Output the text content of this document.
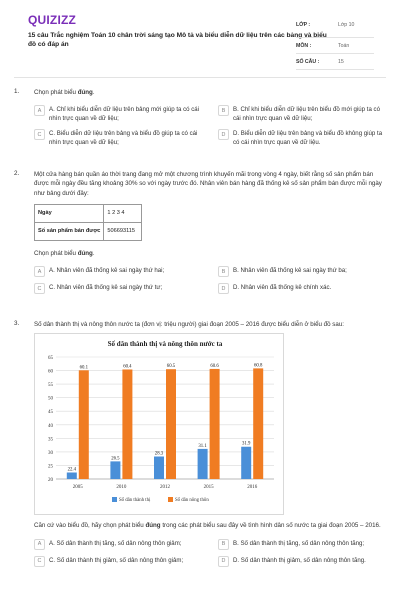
QUIZIZZ
15 câu Trắc nghiệm Toán 10 chân trời sáng tạo Mô tả và biểu diễn dữ liệu trên các bảng và biểu đồ có đáp án
LỚP :	Lớp 10
MÔN :	Toán
SỐ CÂU :	15
1. Chọn phát biểu đúng.
A	A. Chỉ khi biểu diễn dữ liệu trên bảng mới giúp ta có cái nhìn trực quan về dữ liệu;
B	B. Chỉ khi biểu diễn dữ liệu trên biểu đồ mới giúp ta có cái nhìn trực quan về dữ liệu;
C	C. Biểu diễn dữ liệu trên bảng và biểu đồ giúp ta có cái nhìn trực quan về dữ liệu;
D	D. Biểu diễn dữ liệu trên bảng và biểu đồ không giúp ta có cái nhìn trực quan về dữ liệu.
2. Một cửa hàng bán quần áo thời trang đang mở một chương trình khuyến mãi trong vòng 4 ngày, biết rằng số sản phẩm bán được mỗi ngày đều tăng khoảng 30% so với ngày trước đó. Nhân viên bán hàng đã thống kê số sản phẩm bán được mỗi ngày như bảng dưới đây:
Ngày	1 2 3 4
Số sản phẩm bán được	506693115
Chọn phát biểu đúng.
A	A. Nhân viên đã thống kê sai ngày thứ hai;	B	B. Nhân viên đã thống kê sai ngày thứ ba;
C	C. Nhân viên đã thống kê sai ngày thứ tư;	D	D. Nhân viên đã thống kê chính xác.
3. Số dân thành thị và nông thôn nước ta (đơn vị: triệu người) giai đoạn 2005 – 2016 được biểu diễn ở biểu đồ sau:
Số dân thành thị và nông thôn nước ta
20
25
30
35
40
45
50
55
60
65
22.4
60.1
2005
26.5
60.4
2010
28.3
60.5
2012
31.1
60.6
2015
31.9
60.8
2016
Số dân thành thị	Số dân nông thôn
Căn cứ vào biểu đồ, hãy chọn phát biểu đúng trong các phát biểu sau đây về tình hình dân số nước ta giai đoạn 2005 – 2016.
A	A. Số dân thành thị tăng, số dân nông thôn giảm;	B	B. Số dân thành thị tăng, số dân nông thôn tăng;
C	C. Số dân thành thị giảm, số dân nông thôn giảm;	D	D. Số dân thành thị giảm, số dân nông thôn tăng.
